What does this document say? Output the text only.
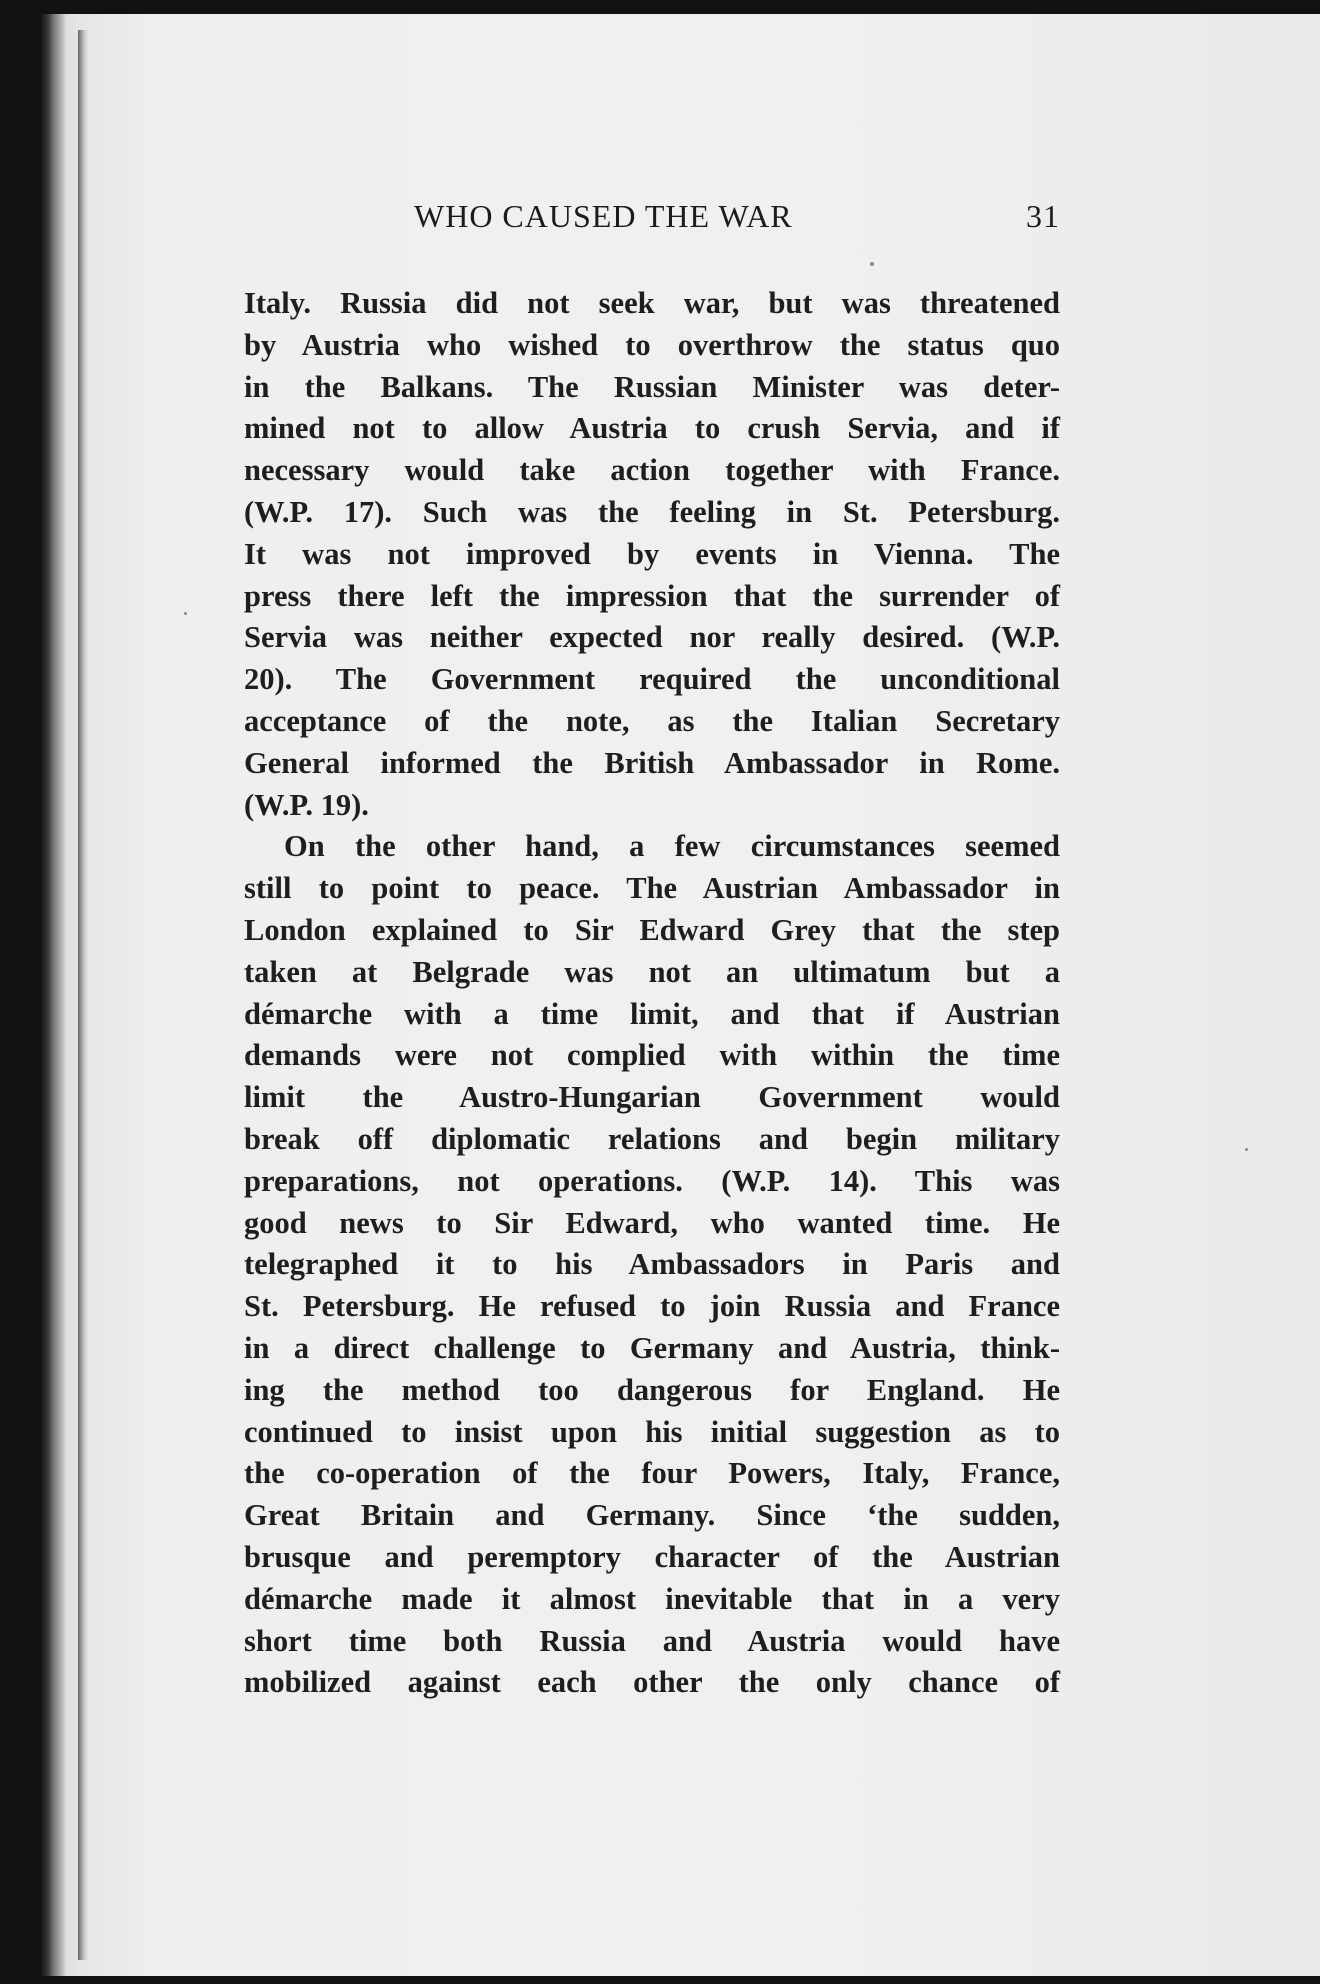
WHO CAUSED THE WAR	31
Italy. Russia did not seek war, but was threatened
by Austria who wished to overthrow the status quo
in the Balkans. The Russian Minister was deter-
mined not to allow Austria to crush Servia, and if
necessary would take action together with France.
(W.P. 17). Such was the feeling in St. Petersburg.
It was not improved by events in Vienna. The
press there left the impression that the surrender of
Servia was neither expected nor really desired. (W.P.
20). The Government required the unconditional
acceptance of the note, as the Italian Secretary
General informed the British Ambassador in Rome.
(W.P. 19).
On the other hand, a few circumstances seemed
still to point to peace. The Austrian Ambassador in
London explained to Sir Edward Grey that the step
taken at Belgrade was not an ultimatum but a
démarche with a time limit, and that if Austrian
demands were not complied with within the time
limit the Austro-Hungarian Government would
break off diplomatic relations and begin military
preparations, not operations. (W.P. 14). This was
good news to Sir Edward, who wanted time. He
telegraphed it to his Ambassadors in Paris and
St. Petersburg. He refused to join Russia and France
in a direct challenge to Germany and Austria, think-
ing the method too dangerous for England. He
continued to insist upon his initial suggestion as to
the co-operation of the four Powers, Italy, France,
Great Britain and Germany. Since ‘the sudden,
brusque and peremptory character of the Austrian
démarche made it almost inevitable that in a very
short time both Russia and Austria would have
mobilized against each other the only chance of
